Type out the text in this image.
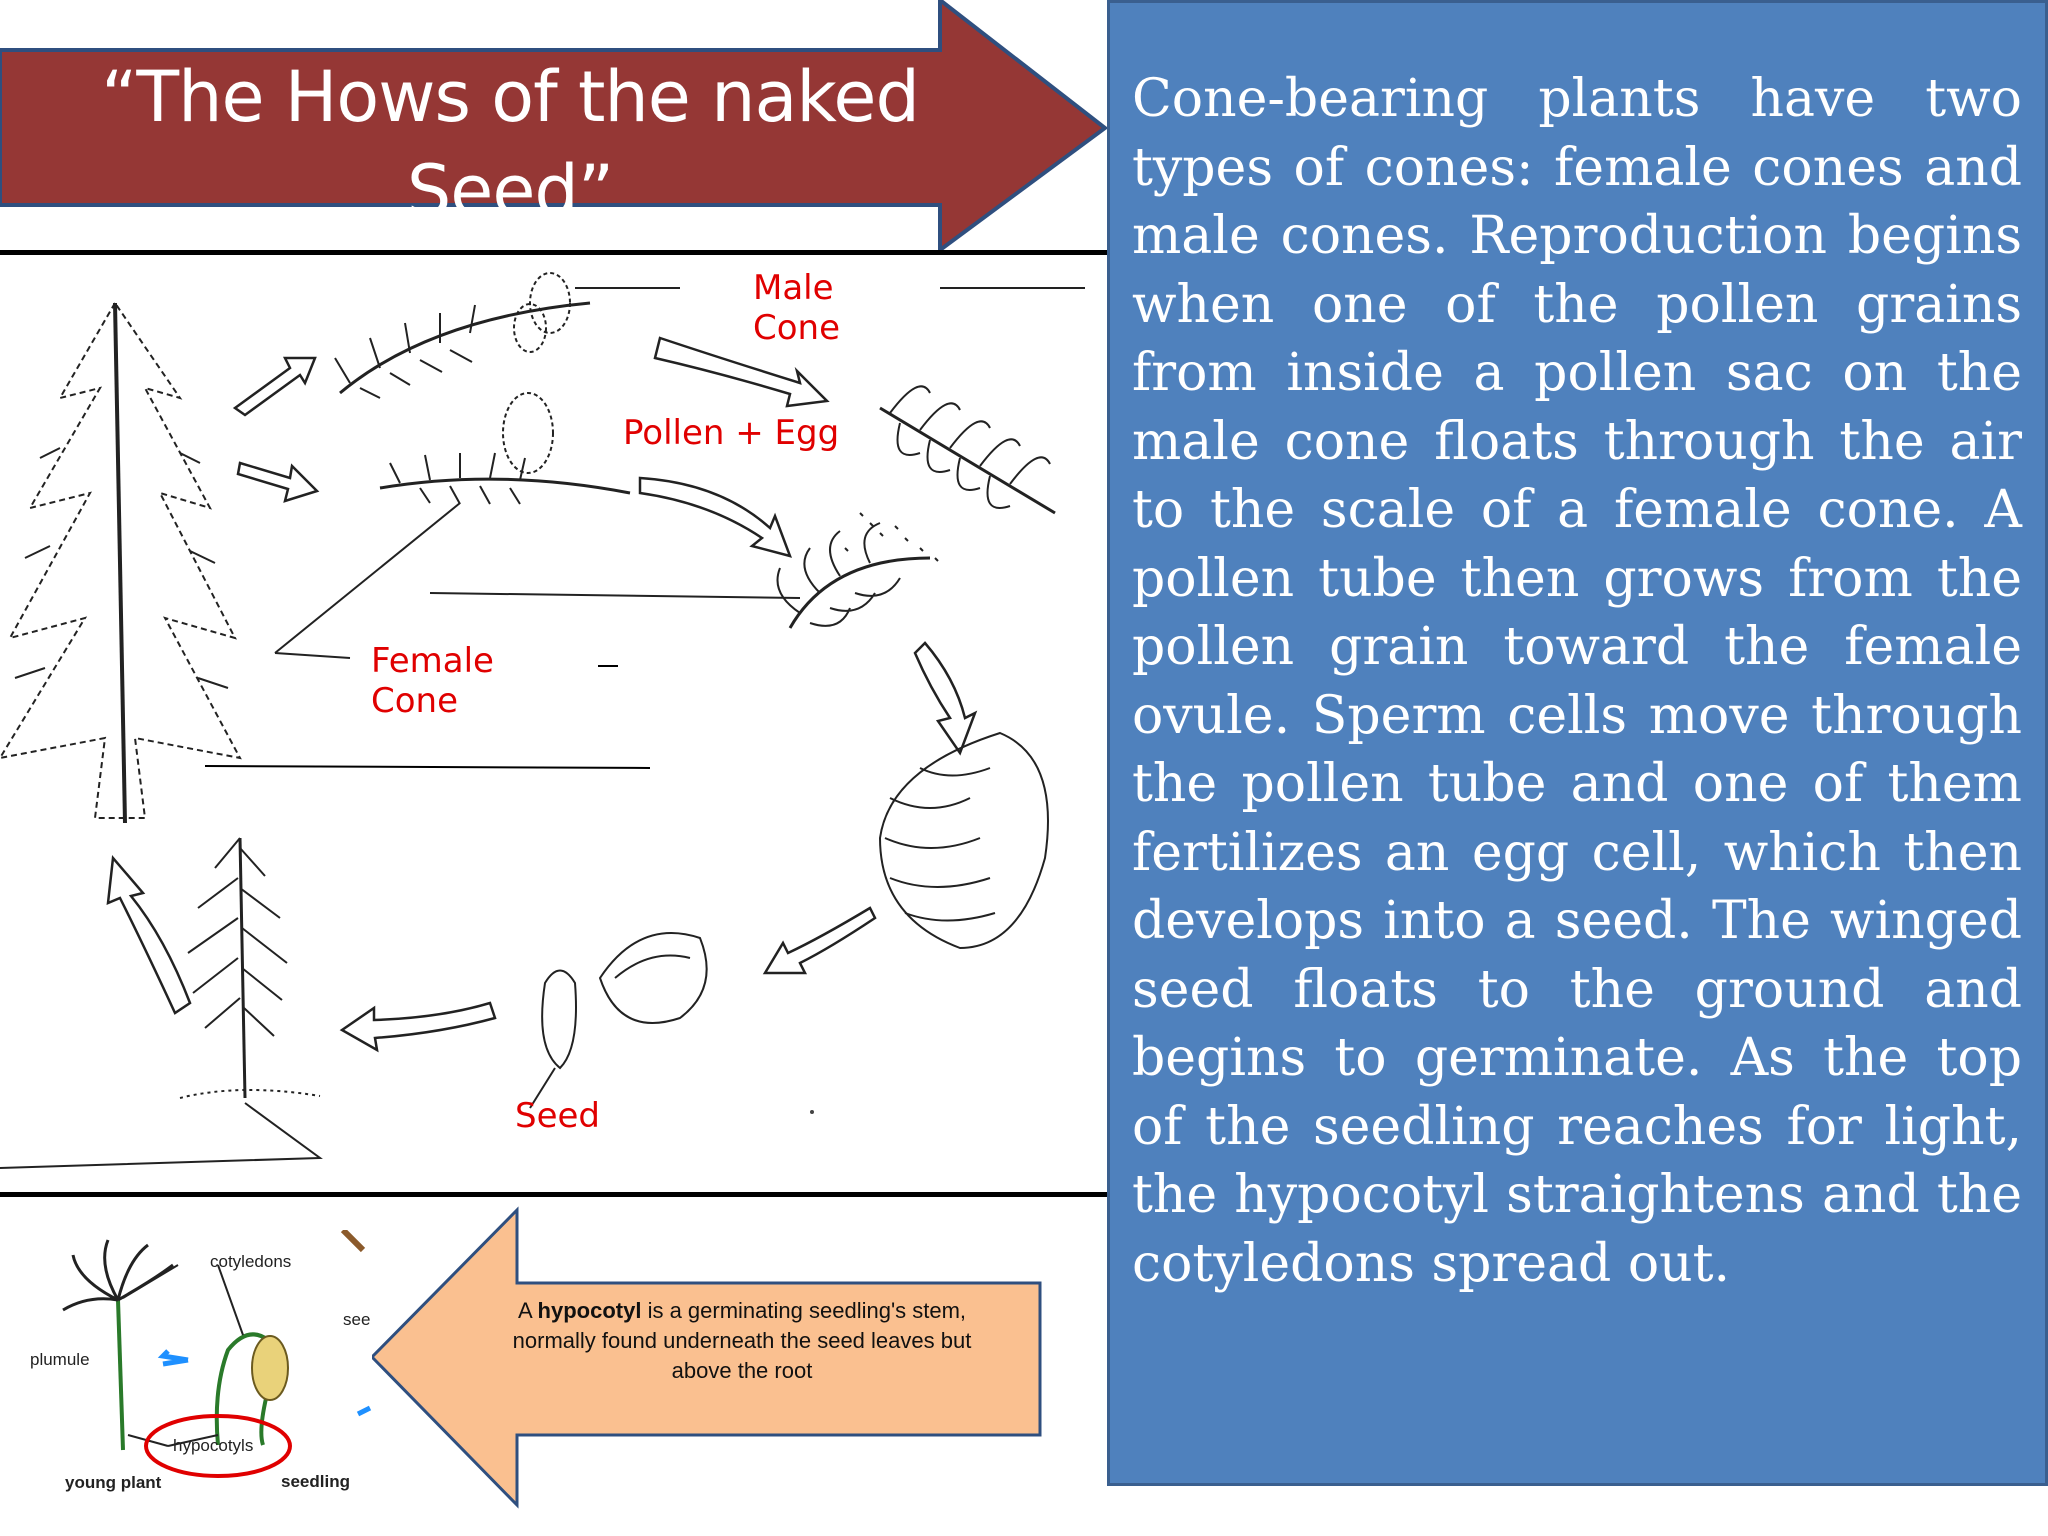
“The Hows of the naked
Seed”
Male
Cone
Pollen + Egg
Female
Cone
Seed
Cone-bearing plants have two types of cones: female cones and male cones. Reproduction begins when one of the pollen grains from inside a pollen sac on the male cone floats through the air to the scale of a female cone. A pollen tube then grows from the pollen grain toward the female ovule. Sperm cells move through the pollen tube and one of them fertilizes an egg cell, which then develops into a seed. The winged seed floats to the ground and begins to germinate. As the top of the seedling reaches for light, the hypocotyl straightens and the cotyledons spread out.
cotyledons
plumule
see
hypocotyls
young plant	seedling
A hypocotyl is a germinating seedling's stem, normally found underneath the seed leaves but above the root
